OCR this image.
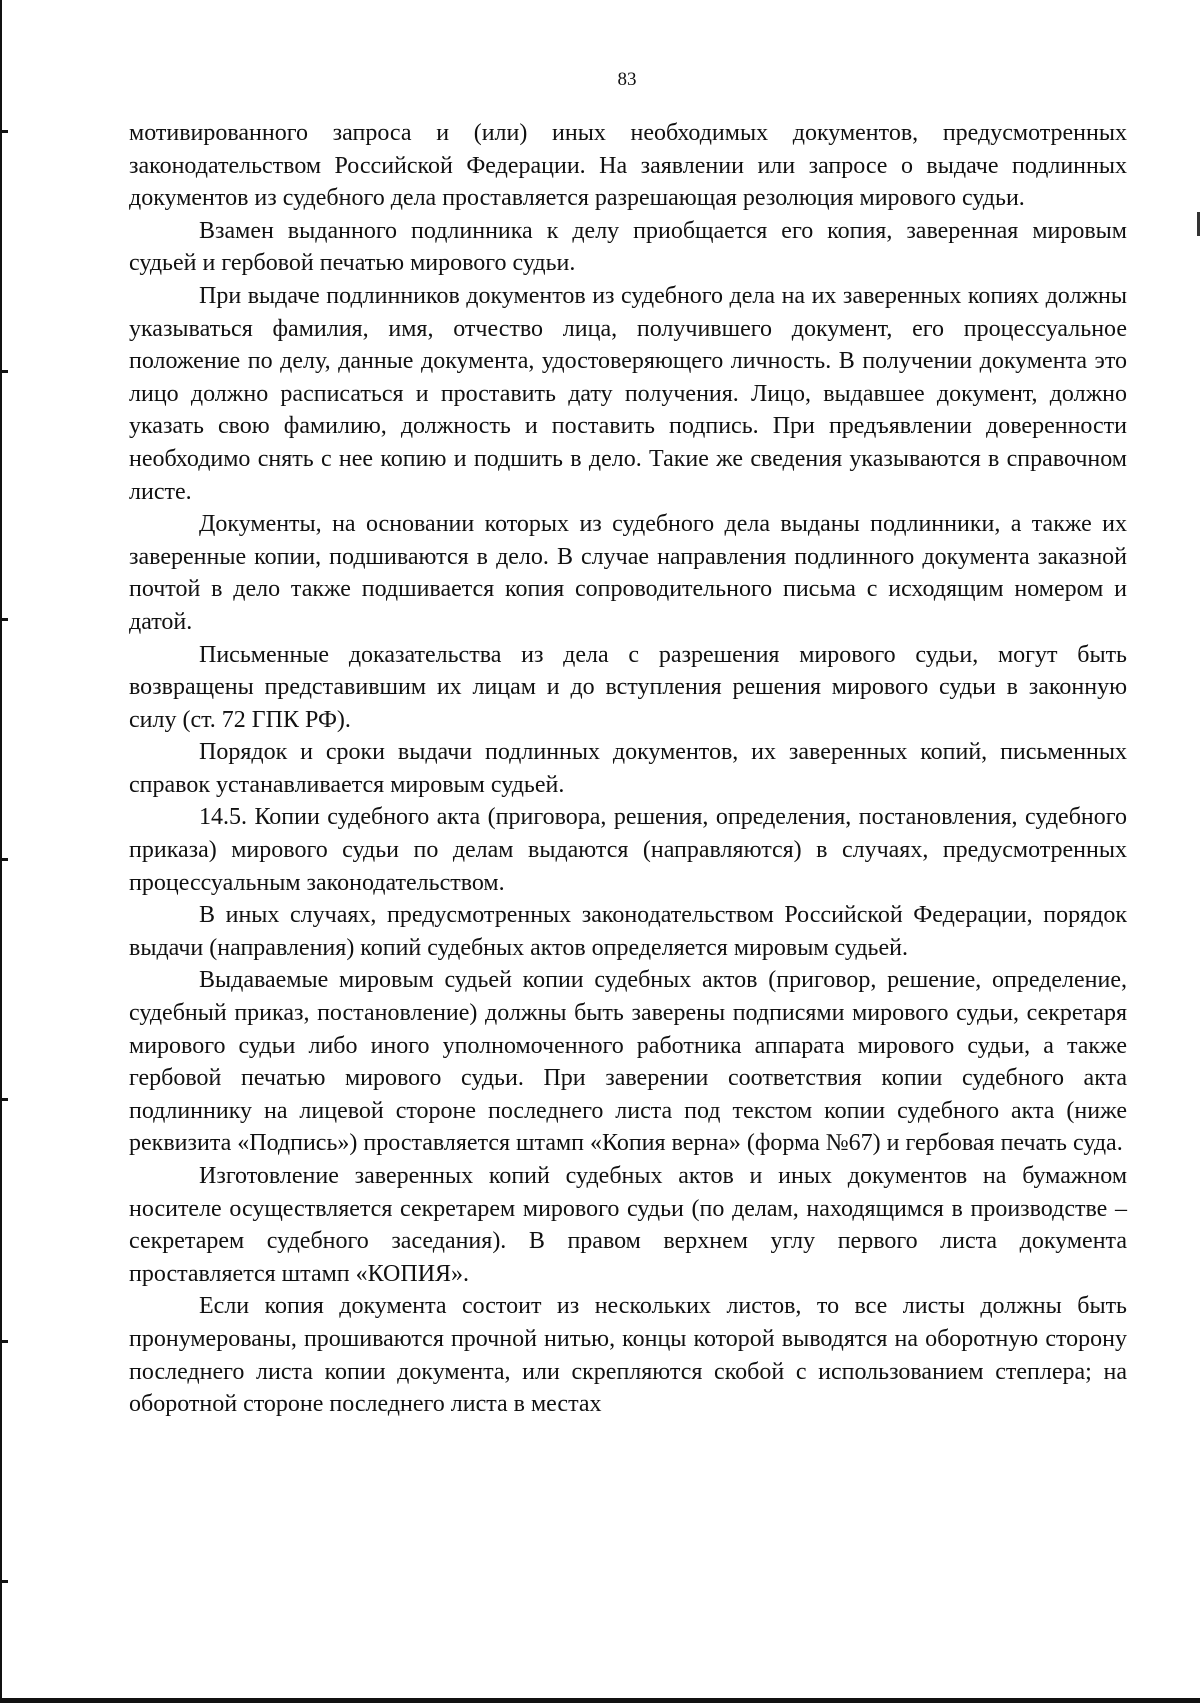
83

мотивированного запроса и (или) иных необходимых документов, предусмотренных законодательством Российской Федерации. На заявлении или запросе о выдаче подлинных документов из судебного дела проставляется разрешающая резолюция мирового судьи.

Взамен выданного подлинника к делу приобщается его копия, заверенная мировым судьей и гербовой печатью мирового судьи.

При выдаче подлинников документов из судебного дела на их заверенных копиях должны указываться фамилия, имя, отчество лица, получившего документ, его процессуальное положение по делу, данные документа, удостоверяющего личность. В получении документа это лицо должно расписаться и проставить дату получения. Лицо, выдавшее документ, должно указать свою фамилию, должность и поставить подпись. При предъявлении доверенности необходимо снять с нее копию и подшить в дело. Такие же сведения указываются в справочном листе.

Документы, на основании которых из судебного дела выданы подлинники, а также их заверенные копии, подшиваются в дело. В случае направления подлинного документа заказной почтой в дело также подшивается копия сопроводительного письма с исходящим номером и датой.

Письменные доказательства из дела с разрешения мирового судьи, могут быть возвращены представившим их лицам и до вступления решения мирового судьи в законную силу (ст. 72 ГПК РФ).

Порядок и сроки выдачи подлинных документов, их заверенных копий, письменных справок устанавливается мировым судьей.

14.5. Копии судебного акта (приговора, решения, определения, постановления, судебного приказа) мирового судьи по делам выдаются (направляются) в случаях, предусмотренных процессуальным законодательством.

В иных случаях, предусмотренных законодательством Российской Федерации, порядок выдачи (направления) копий судебных актов определяется мировым судьей.

Выдаваемые мировым судьей копии судебных актов (приговор, решение, определение, судебный приказ, постановление) должны быть заверены подписями мирового судьи, секретаря мирового судьи либо иного уполномоченного работника аппарата мирового судьи, а также гербовой печатью мирового судьи. При заверении соответствия копии судебного акта подлиннику на лицевой стороне последнего листа под текстом копии судебного акта (ниже реквизита «Подпись») проставляется штамп «Копия верна» (форма №67) и гербовая печать суда.

Изготовление заверенных копий судебных актов и иных документов на бумажном носителе осуществляется секретарем мирового судьи (по делам, находящимся в производстве – секретарем судебного заседания). В правом верхнем углу первого листа документа проставляется штамп «КОПИЯ».

Если копия документа состоит из нескольких листов, то все листы должны быть пронумерованы, прошиваются прочной нитью, концы которой выводятся на оборотную сторону последнего листа копии документа, или скрепляются скобой с использованием степлера; на оборотной стороне последнего листа в местах
